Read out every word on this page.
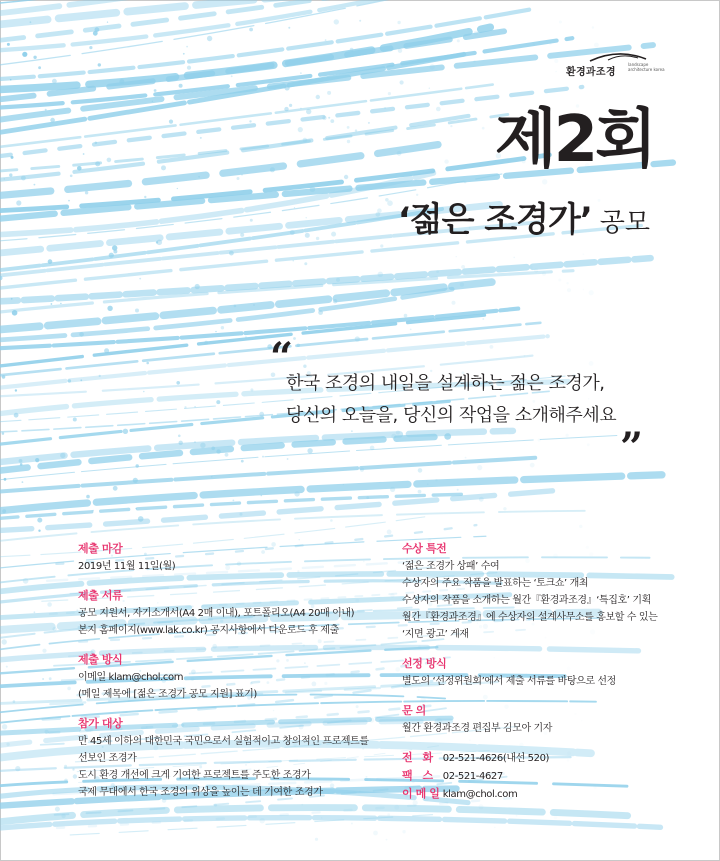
환경과조경
landscape architecture korea
제2회
‘젊은 조경가’ 공모
“
한국 조경의 내일을 설계하는 젊은 조경가,
당신의 오늘을, 당신의 작업을 소개해주세요
”
제출 마감
2019년 11월 11일(월)
제출 서류
공모 지원서, 자기소개서(A4 2매 이내), 포트폴리오(A4 20매 이내)
본지 홈페이지(www.lak.co.kr) 공지사항에서 다운로드 후 제출
제출 방식
이메일 klam@chol.com
(메일 제목에 [젊은 조경가 공모 지원] 표기)
참가 대상
만 45세 이하의 대한민국 국민으로서 실험적이고 창의적인 프로젝트를
선보인 조경가
도시 환경 개선에 크게 기여한 프로젝트를 주도한 조경가
국제 무대에서 한국 조경의 위상을 높이는 데 기여한 조경가
수상 특전
‘젊은 조경가 상패’ 수여
수상자의 주요 작품을 발표하는 ‘토크쇼’ 개최
수상자의 작품을 소개하는 월간『환경과조경』‘특집호’ 기획
월간『환경과조경』에 수상자의 설계사무소를 홍보할 수 있는
‘지면 광고’ 게재
선정 방식
별도의 ‘선정위원회’에서 제출 서류를 바탕으로 선정
문 의
월간 환경과조경 편집부 김모아 기자
전 화 02-521-4626(내선 520)
팩 스 02-521-4627
이메일 klam@chol.com
